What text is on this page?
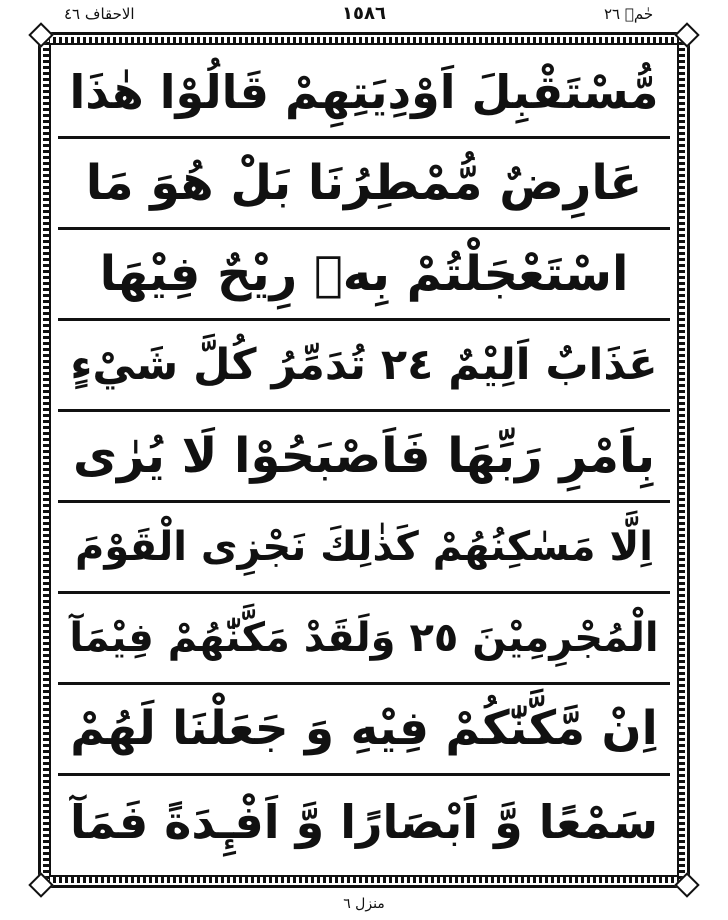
الاحقاف ٤٦	١٥٨٦	حٰمۤ ٢٦
مُّسْتَقْبِلَ اَوْدِيَتِهِمْ قَالُوْا هٰذَا
عَارِضٌ مُّمْطِرُنَا بَلْ هُوَ مَا
اسْتَعْجَلْتُمْ بِهٖ رِيْحٌ فِيْهَا
عَذَابٌ اَلِيْمٌ ٢٤ تُدَمِّرُ كُلَّ شَيْءٍ
بِاَمْرِ رَبِّهَا فَاَصْبَحُوْا لَا يُرٰى
اِلَّا مَسٰكِنُهُمْ كَذٰلِكَ نَجْزِى الْقَوْمَ
الْمُجْرِمِيْنَ ٢٥ وَلَقَدْ مَكَّنّٰهُمْ فِيْمَآ
اِنْ مَّكَّنّٰكُمْ فِيْهِ وَ جَعَلْنَا لَهُمْ
سَمْعًا وَّ اَبْصَارًا وَّ اَفْـِٕدَةً فَمَآ
منزل ٦
